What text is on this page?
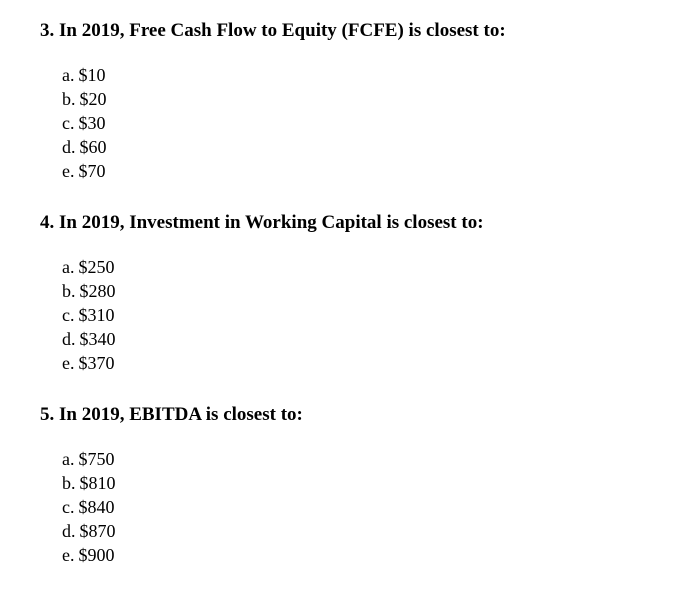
3. In 2019, Free Cash Flow to Equity (FCFE) is closest to:
a. $10
b. $20
c. $30
d. $60
e. $70
4. In 2019, Investment in Working Capital is closest to:
a. $250
b. $280
c. $310
d. $340
e. $370
5. In 2019, EBITDA is closest to:
a. $750
b. $810
c. $840
d. $870
e. $900
